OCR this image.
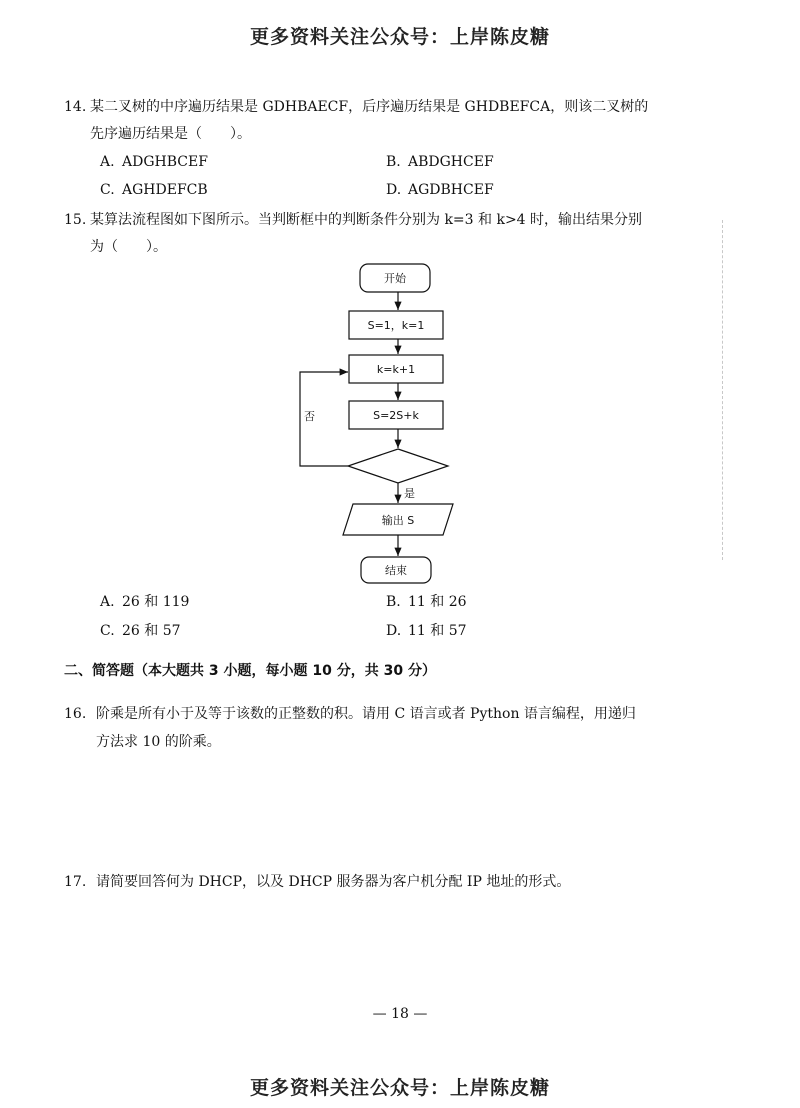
更多资料关注公众号：上岸陈皮糖
14. 某二叉树的中序遍历结果是 GDHBAECF，后序遍历结果是 GHDBEFCA，则该二叉树的
先序遍历结果是（　　）。
A. ADGHBCEF	B. ABDGHCEF
C. AGHDEFCB	D. AGDBHCEF
15. 某算法流程图如下图所示。当判断框中的判断条件分别为 k=3 和 k>4 时，输出结果分别
为（　　）。
开始
S=1，k=1
k=k+1
S=2S+k
否
是
输出 S
结束
A. 26 和 119	B. 11 和 26
C. 26 和 57	D. 11 和 57
二、简答题（本大题共 3 小题，每小题 10 分，共 30 分）
16. 阶乘是所有小于及等于该数的正整数的积。请用 C 语言或者 Python 语言编程，用递归
方法求 10 的阶乘。
17. 请简要回答何为 DHCP，以及 DHCP 服务器为客户机分配 IP 地址的形式。
— 18 —
更多资料关注公众号：上岸陈皮糖
